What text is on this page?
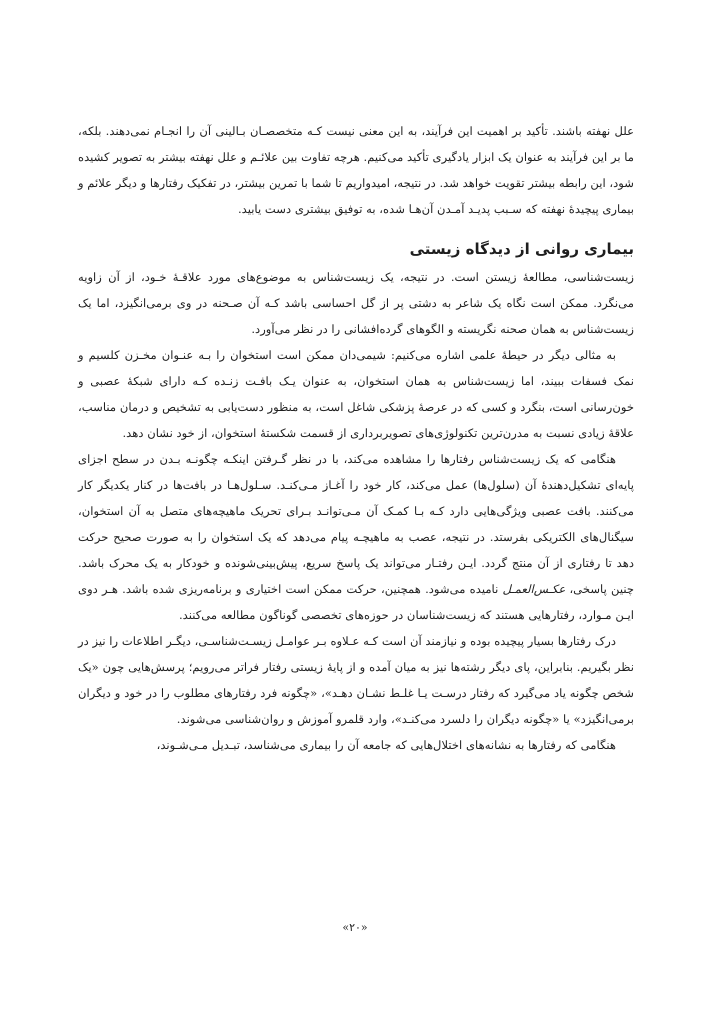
علل نهفته باشند. تأکید بر اهمیت این فرآیند، به این معنی نیست کـه متخصصـان بـالینی آن را انجـام نمی‌دهند. بلکه، ما بر این فرآیند به عنوان یک ابزار یادگیری تأکید می‌کنیم. هرچه تفاوت بین علائـم و علل نهفته بیشتر به تصویر کشیده شود، این رابطه بیشتر تقویت خواهد شد. در نتیجه، امیدواریم تا شما با تمرین بیشتر، در تفکیک رفتارها و دیگر علائم و بیماری پیچیدهٔ نهفته که سـبب پدیـد آمـدن آن‌هـا شده، به توفیق بیشتری دست یابید.

بیماری روانی از دیدگاه زیستی

زیست‌شناسی، مطالعهٔ زیستن است. در نتیجه، یک زیست‌شناس به موضوع‌های مورد علاقـهٔ خـود، از آن زاویه می‌نگرد. ممکن است نگاه یک شاعر به دشتی پر از گل احساسی باشد کـه آن صـحنه در وی برمی‌انگیزد، اما یک زیست‌شناس به همان صحنه نگریسته و الگوهای گرده‌افشانی را در نظر می‌آورد.

به مثالی دیگر در حیطهٔ علمی اشاره می‌کنیم: شیمی‌دان ممکن است استخوان را بـه عنـوان مخـزن کلسیم و نمک فسفات ببیند، اما زیست‌شناس به همان استخوان، به عنوان یـک بافـت زنـده کـه دارای شبکهٔ عصبی و خون‌رسانی است، بنگرد و کسی که در عرصهٔ پزشکی شاغل است، به منظور دست‌یابی به تشخیص و درمان مناسب، علاقهٔ زیادی نسبت به مدرن‌ترین تکنولوژی‌های تصویربرداری از قسمت شکستهٔ استخوان، از خود نشان دهد.

هنگامی که یک زیست‌شناس رفتارها را مشاهده می‌کند، با در نظر گـرفتن اینکـه چگونـه بـدن در سطح اجزای پایه‌ای تشکیل‌دهندهٔ آن (سلول‌ها) عمل می‌کند، کار خود را آغـاز مـی‌کنـد. سـلول‌هـا در بافت‌ها در کنار یکدیگر کار می‌کنند. بافت عصبی ویژگی‌هایی دارد کـه بـا کمـک آن مـی‌توانـد بـرای تحریک ماهیچه‌های متصل به آن استخوان، سیگنال‌های الکتریکی بفرستد. در نتیجه، عصب به ماهیچـه پیام می‌دهد که یک استخوان را به صورت صحیح حرکت دهد تا رفتاری از آن منتج گردد. ایـن رفتـار می‌تواند یک پاسخ سریع، پیش‌بینی‌شونده و خودکار به یک محرک باشد. چنین پاسخی، عکـس‌العمـل نامیده می‌شود. همچنین، حرکت ممکن است اختیاری و برنامه‌ریزی شده باشد. هـر دوی ایـن مـوارد، رفتارهایی هستند که زیست‌شناسان در حوزه‌های تخصصی گوناگون مطالعه می‌کنند.

درک رفتارها بسیار پیچیده بوده و نیازمند آن است کـه عـلاوه بـر عوامـل زیسـت‌شناسـی، دیگـر اطلاعات را نیز در نظر بگیریم. بنابراین، پای دیگر رشته‌ها نیز به میان آمده و از پایهٔ زیستی رفتار فراتر می‌رویم؛ پرسش‌هایی چون «یک شخص چگونه یاد می‌گیرد که رفتار درسـت یـا غلـط نشـان دهـد»، «چگونه فرد رفتارهای مطلوب را در خود و دیگران برمی‌انگیزد» یا «چگونه دیگران را دلسرد می‌کنـد»، وارد قلمرو آموزش و روان‌شناسی می‌شوند.

هنگامی که رفتارها به نشانه‌های اختلال‌هایی که جامعه آن را بیماری می‌شناسد، تبـدیل مـی‌شـوند،

«۲۰»
